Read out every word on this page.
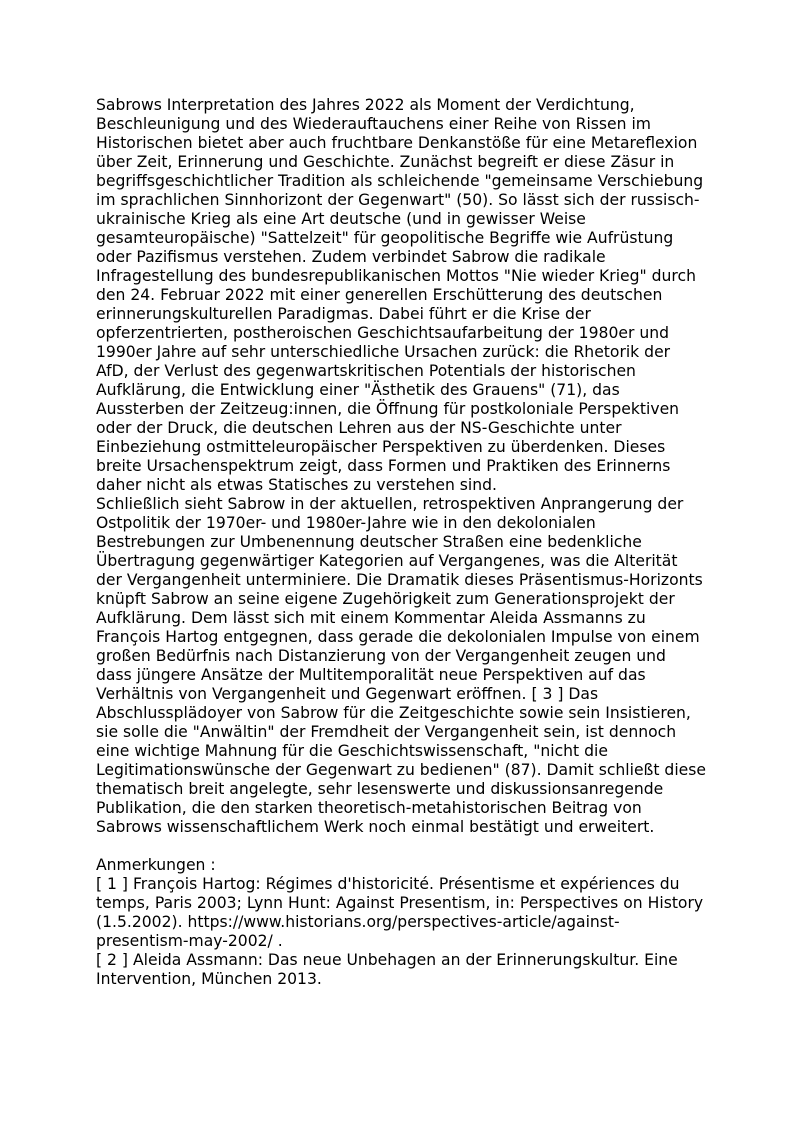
Sabrows Interpretation des Jahres 2022 als Moment der Verdichtung, Beschleunigung und des Wiederauftauchens einer Reihe von Rissen im Historischen bietet aber auch fruchtbare Denkanstöße für eine Metareflexion über Zeit, Erinnerung und Geschichte. Zunächst begreift er diese Zäsur in begriffsgeschichtlicher Tradition als schleichende "gemeinsame Verschiebung im sprachlichen Sinnhorizont der Gegenwart" (50). So lässt sich der russisch-ukrainische Krieg als eine Art deutsche (und in gewisser Weise gesamteuropäische) "Sattelzeit" für geopolitische Begriffe wie Aufrüstung oder Pazifismus verstehen. Zudem verbindet Sabrow die radikale Infragestellung des bundesrepublikanischen Mottos "Nie wieder Krieg" durch den 24. Februar 2022 mit einer generellen Erschütterung des deutschen erinnerungskulturellen Paradigmas. Dabei führt er die Krise der opferzentrierten, postheroischen Geschichtsaufarbeitung der 1980er und 1990er Jahre auf sehr unterschiedliche Ursachen zurück: die Rhetorik der AfD, der Verlust des gegenwartskritischen Potentials der historischen Aufklärung, die Entwicklung einer "Ästhetik des Grauens" (71), das Aussterben der Zeitzeug:innen, die Öffnung für postkoloniale Perspektiven oder der Druck, die deutschen Lehren aus der NS-Geschichte unter Einbeziehung ostmitteleuropäischer Perspektiven zu überdenken. Dieses breite Ursachenspektrum zeigt, dass Formen und Praktiken des Erinnerns daher nicht als etwas Statisches zu verstehen sind.

Schließlich sieht Sabrow in der aktuellen, retrospektiven Anprangerung der Ostpolitik der 1970er- und 1980er-Jahre wie in den dekolonialen Bestrebungen zur Umbenennung deutscher Straßen eine bedenkliche Übertragung gegenwärtiger Kategorien auf Vergangenes, was die Alterität der Vergangenheit unterminiere. Die Dramatik dieses Präsentismus-Horizonts knüpft Sabrow an seine eigene Zugehörigkeit zum Generationsprojekt der Aufklärung. Dem lässt sich mit einem Kommentar Aleida Assmanns zu François Hartog entgegnen, dass gerade die dekolonialen Impulse von einem großen Bedürfnis nach Distanzierung von der Vergangenheit zeugen und dass jüngere Ansätze der Multitemporalität neue Perspektiven auf das Verhältnis von Vergangenheit und Gegenwart eröffnen. [ 3 ] Das Abschlussplädoyer von Sabrow für die Zeitgeschichte sowie sein Insistieren, sie solle die "Anwältin" der Fremdheit der Vergangenheit sein, ist dennoch eine wichtige Mahnung für die Geschichtswissenschaft, "nicht die Legitimationswünsche der Gegenwart zu bedienen" (87). Damit schließt diese thematisch breit angelegte, sehr lesenswerte und diskussionsanregende Publikation, die den starken theoretisch-metahistorischen Beitrag von Sabrows wissenschaftlichem Werk noch einmal bestätigt und erweitert.

Anmerkungen :

[ 1 ] François Hartog: Régimes d'historicité. Présentisme et expériences du temps, Paris 2003; Lynn Hunt: Against Presentism, in: Perspectives on History (1.5.2002). https://www.historians.org/perspectives-article/against-presentism-may-2002/ .

[ 2 ] Aleida Assmann: Das neue Unbehagen an der Erinnerungskultur. Eine Intervention, München 2013.
